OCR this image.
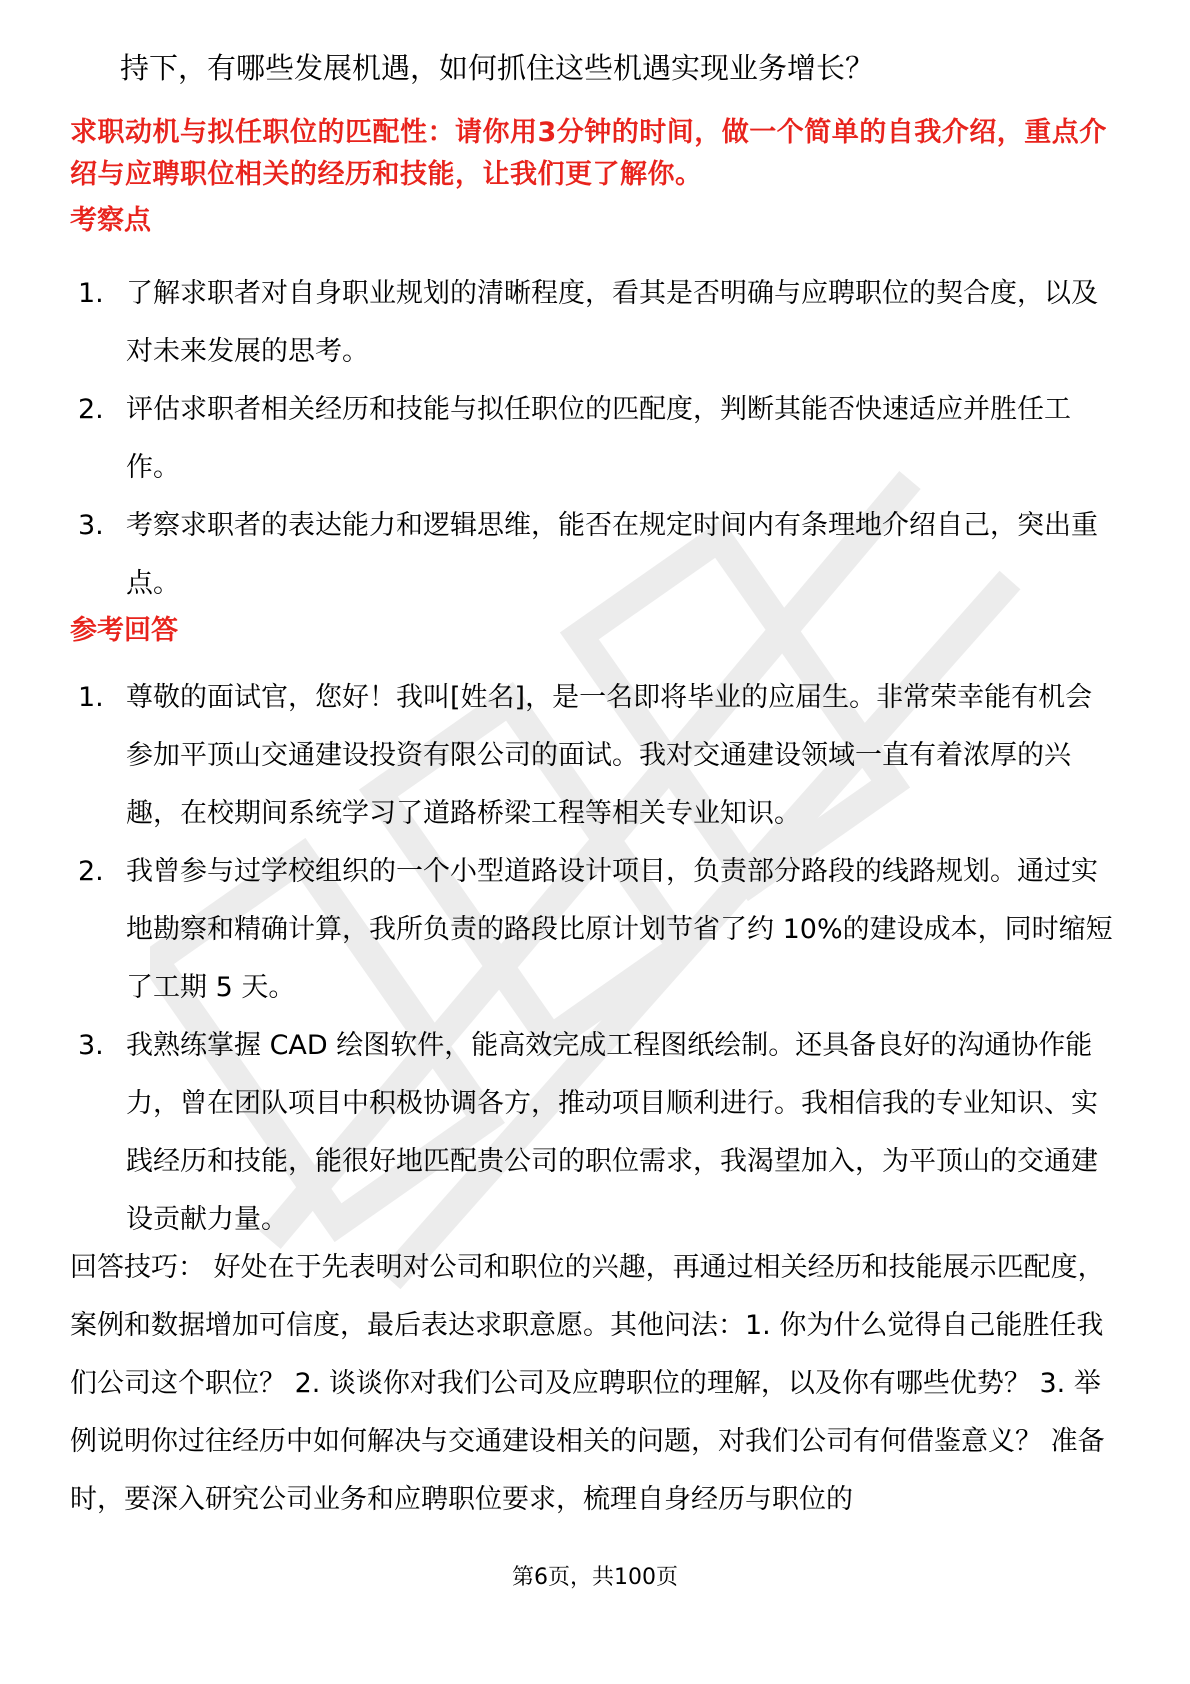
持下，有哪些发展机遇，如何抓住这些机遇实现业务增长？
求职动机与拟任职位的匹配性：请你用3分钟的时间，做一个简单的自我介绍，重点介绍与应聘职位相关的经历和技能，让我们更了解你。
考察点
1. 了解求职者对自身职业规划的清晰程度，看其是否明确与应聘职位的契合度，以及对未来发展的思考。
2. 评估求职者相关经历和技能与拟任职位的匹配度，判断其能否快速适应并胜任工作。
3. 考察求职者的表达能力和逻辑思维，能否在规定时间内有条理地介绍自己，突出重点。
参考回答
1. 尊敬的面试官，您好！我叫[姓名]，是一名即将毕业的应届生。非常荣幸能有机会参加平顶山交通建设投资有限公司的面试。我对交通建设领域一直有着浓厚的兴趣，在校期间系统学习了道路桥梁工程等相关专业知识。
2. 我曾参与过学校组织的一个小型道路设计项目，负责部分路段的线路规划。通过实地勘察和精确计算，我所负责的路段比原计划节省了约 10%的建设成本，同时缩短了工期 5 天。
3. 我熟练掌握 CAD 绘图软件，能高效完成工程图纸绘制。还具备良好的沟通协作能力，曾在团队项目中积极协调各方，推动项目顺利进行。我相信我的专业知识、实践经历和技能，能很好地匹配贵公司的职位需求，我渴望加入，为平顶山的交通建设贡献力量。

回答技巧： 好处在于先表明对公司和职位的兴趣，再通过相关经历和技能展示匹配度，案例和数据增加可信度，最后表达求职意愿。其他问法：1. 你为什么觉得自己能胜任我们公司这个职位？ 2. 谈谈你对我们公司及应聘职位的理解，以及你有哪些优势？ 3. 举例说明你过往经历中如何解决与交通建设相关的问题，对我们公司有何借鉴意义？ 准备时，要深入研究公司业务和应聘职位要求，梳理自身经历与职位的

第6页，共100页
